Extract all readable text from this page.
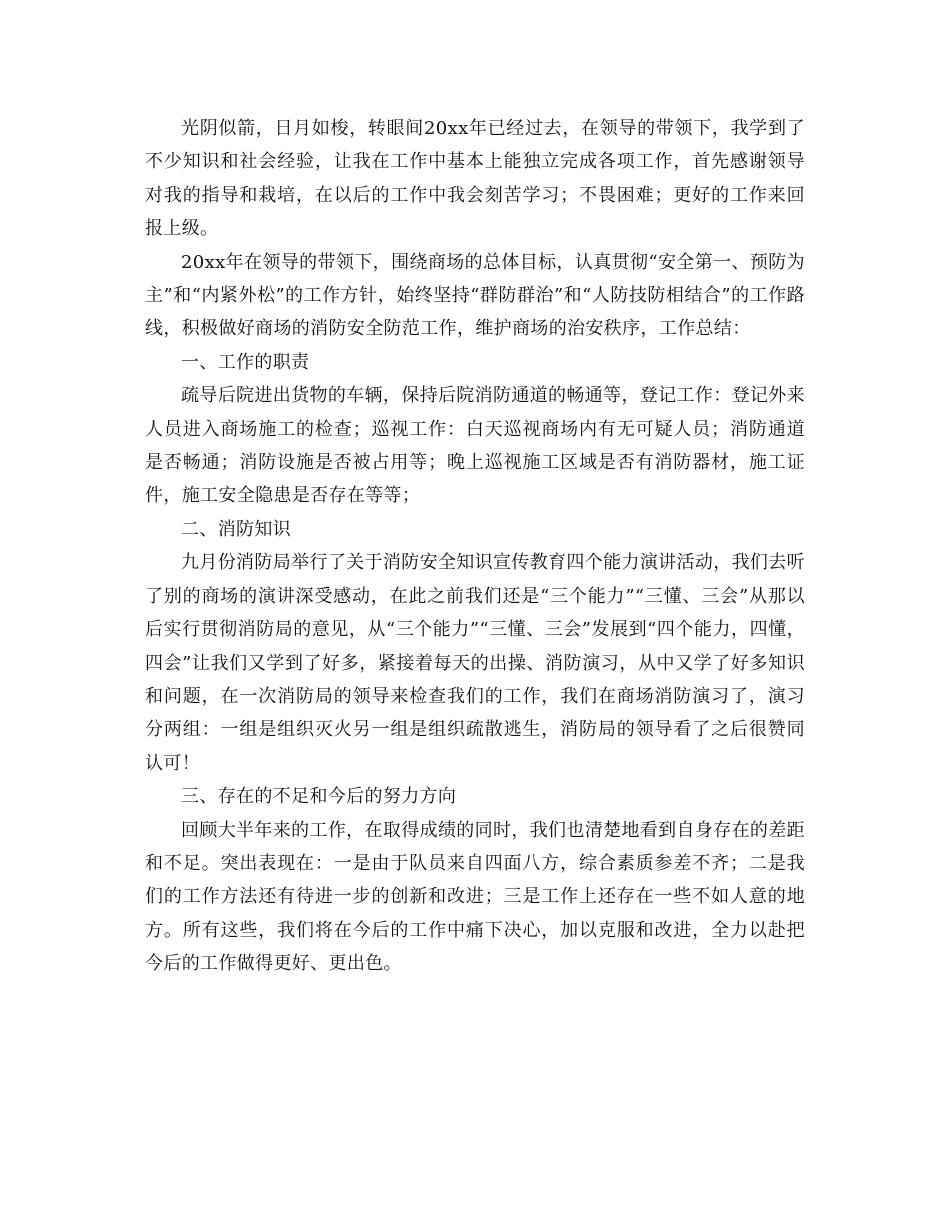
光阴似箭，日月如梭，转眼间20xx年已经过去，在领导的带领下，我学到了不少知识和社会经验，让我在工作中基本上能独立完成各项工作，首先感谢领导对我的指导和栽培，在以后的工作中我会刻苦学习；不畏困难；更好的工作来回报上级。

20xx年在领导的带领下，围绕商场的总体目标，认真贯彻“安全第一、预防为主”和“内紧外松”的工作方针，始终坚持“群防群治”和“人防技防相结合”的工作路线，积极做好商场的消防安全防范工作，维护商场的治安秩序，工作总结：

一、工作的职责

疏导后院进出货物的车辆，保持后院消防通道的畅通等，登记工作：登记外来人员进入商场施工的检查；巡视工作：白天巡视商场内有无可疑人员；消防通道是否畅通；消防设施是否被占用等；晚上巡视施工区域是否有消防器材，施工证件，施工安全隐患是否存在等等；

二、消防知识

九月份消防局举行了关于消防安全知识宣传教育四个能力演讲活动，我们去听了别的商场的演讲深受感动，在此之前我们还是“三个能力”“三懂、三会”从那以后实行贯彻消防局的意见，从“三个能力”“三懂、三会”发展到“四个能力，四懂，四会”让我们又学到了好多，紧接着每天的出操、消防演习，从中又学了好多知识和问题，在一次消防局的领导来检查我们的工作，我们在商场消防演习了，演习分两组：一组是组织灭火另一组是组织疏散逃生，消防局的领导看了之后很赞同认可！

三、存在的不足和今后的努力方向

回顾大半年来的工作，在取得成绩的同时，我们也清楚地看到自身存在的差距和不足。突出表现在：一是由于队员来自四面八方，综合素质参差不齐；二是我们的工作方法还有待进一步的创新和改进；三是工作上还存在一些不如人意的地方。所有这些，我们将在今后的工作中痛下决心，加以克服和改进，全力以赴把今后的工作做得更好、更出色。
